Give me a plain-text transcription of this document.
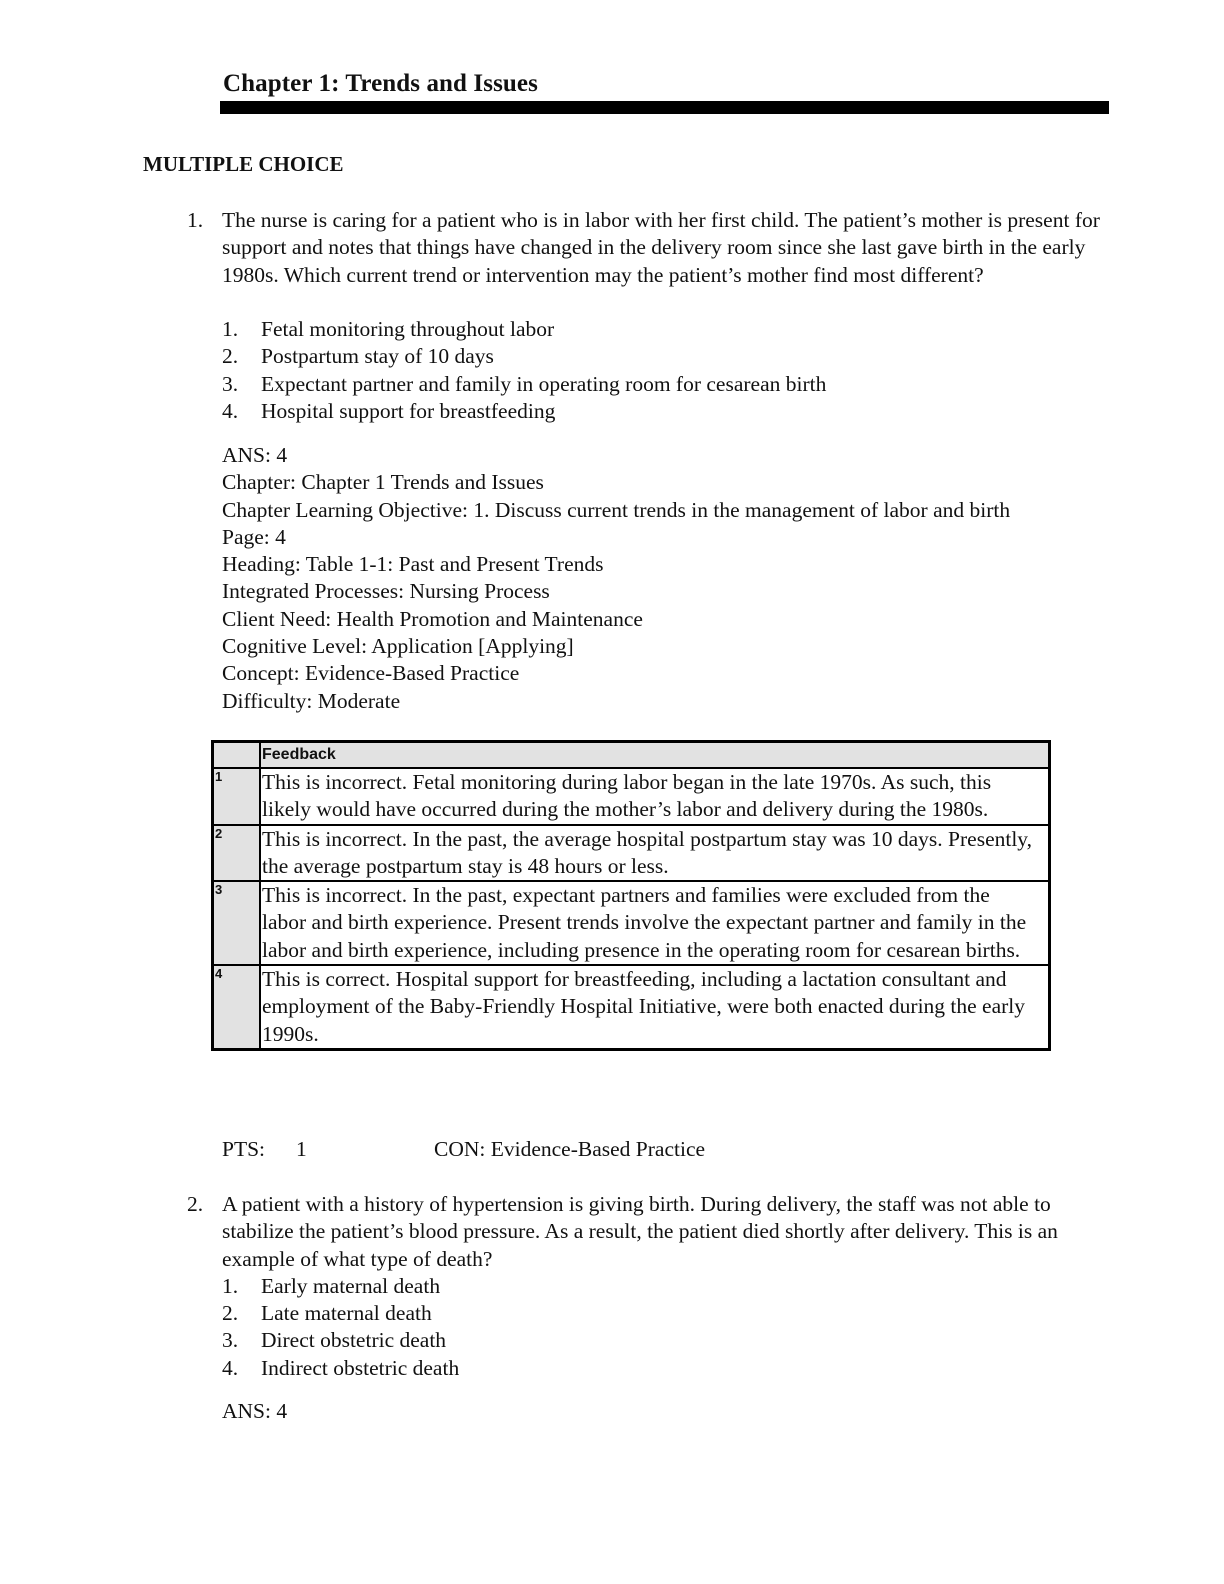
Chapter 1: Trends and Issues
MULTIPLE CHOICE
1. The nurse is caring for a patient who is in labor with her first child. The patient’s mother is present for support and notes that things have changed in the delivery room since she last gave birth in the early 1980s. Which current trend or intervention may the patient’s mother find most different?
1. Fetal monitoring throughout labor
2. Postpartum stay of 10 days
3. Expectant partner and family in operating room for cesarean birth
4. Hospital support for breastfeeding
ANS: 4
Chapter: Chapter 1 Trends and Issues
Chapter Learning Objective: 1. Discuss current trends in the management of labor and birth
Page: 4
Heading: Table 1-1: Past and Present Trends
Integrated Processes: Nursing Process
Client Need: Health Promotion and Maintenance
Cognitive Level: Application [Applying]
Concept: Evidence-Based Practice
Difficulty: Moderate
	Feedback
1	This is incorrect. Fetal monitoring during labor began in the late 1970s. As such, this likely would have occurred during the mother’s labor and delivery during the 1980s.
2	This is incorrect. In the past, the average hospital postpartum stay was 10 days. Presently, the average postpartum stay is 48 hours or less.
3	This is incorrect. In the past, expectant partners and families were excluded from the labor and birth experience. Present trends involve the expectant partner and family in the labor and birth experience, including presence in the operating room for cesarean births.
4	This is correct. Hospital support for breastfeeding, including a lactation consultant and employment of the Baby-Friendly Hospital Initiative, were both enacted during the early 1990s.
PTS: 1	CON: Evidence-Based Practice
2. A patient with a history of hypertension is giving birth. During delivery, the staff was not able to stabilize the patient’s blood pressure. As a result, the patient died shortly after delivery. This is an example of what type of death?
1. Early maternal death
2. Late maternal death
3. Direct obstetric death
4. Indirect obstetric death
ANS: 4
